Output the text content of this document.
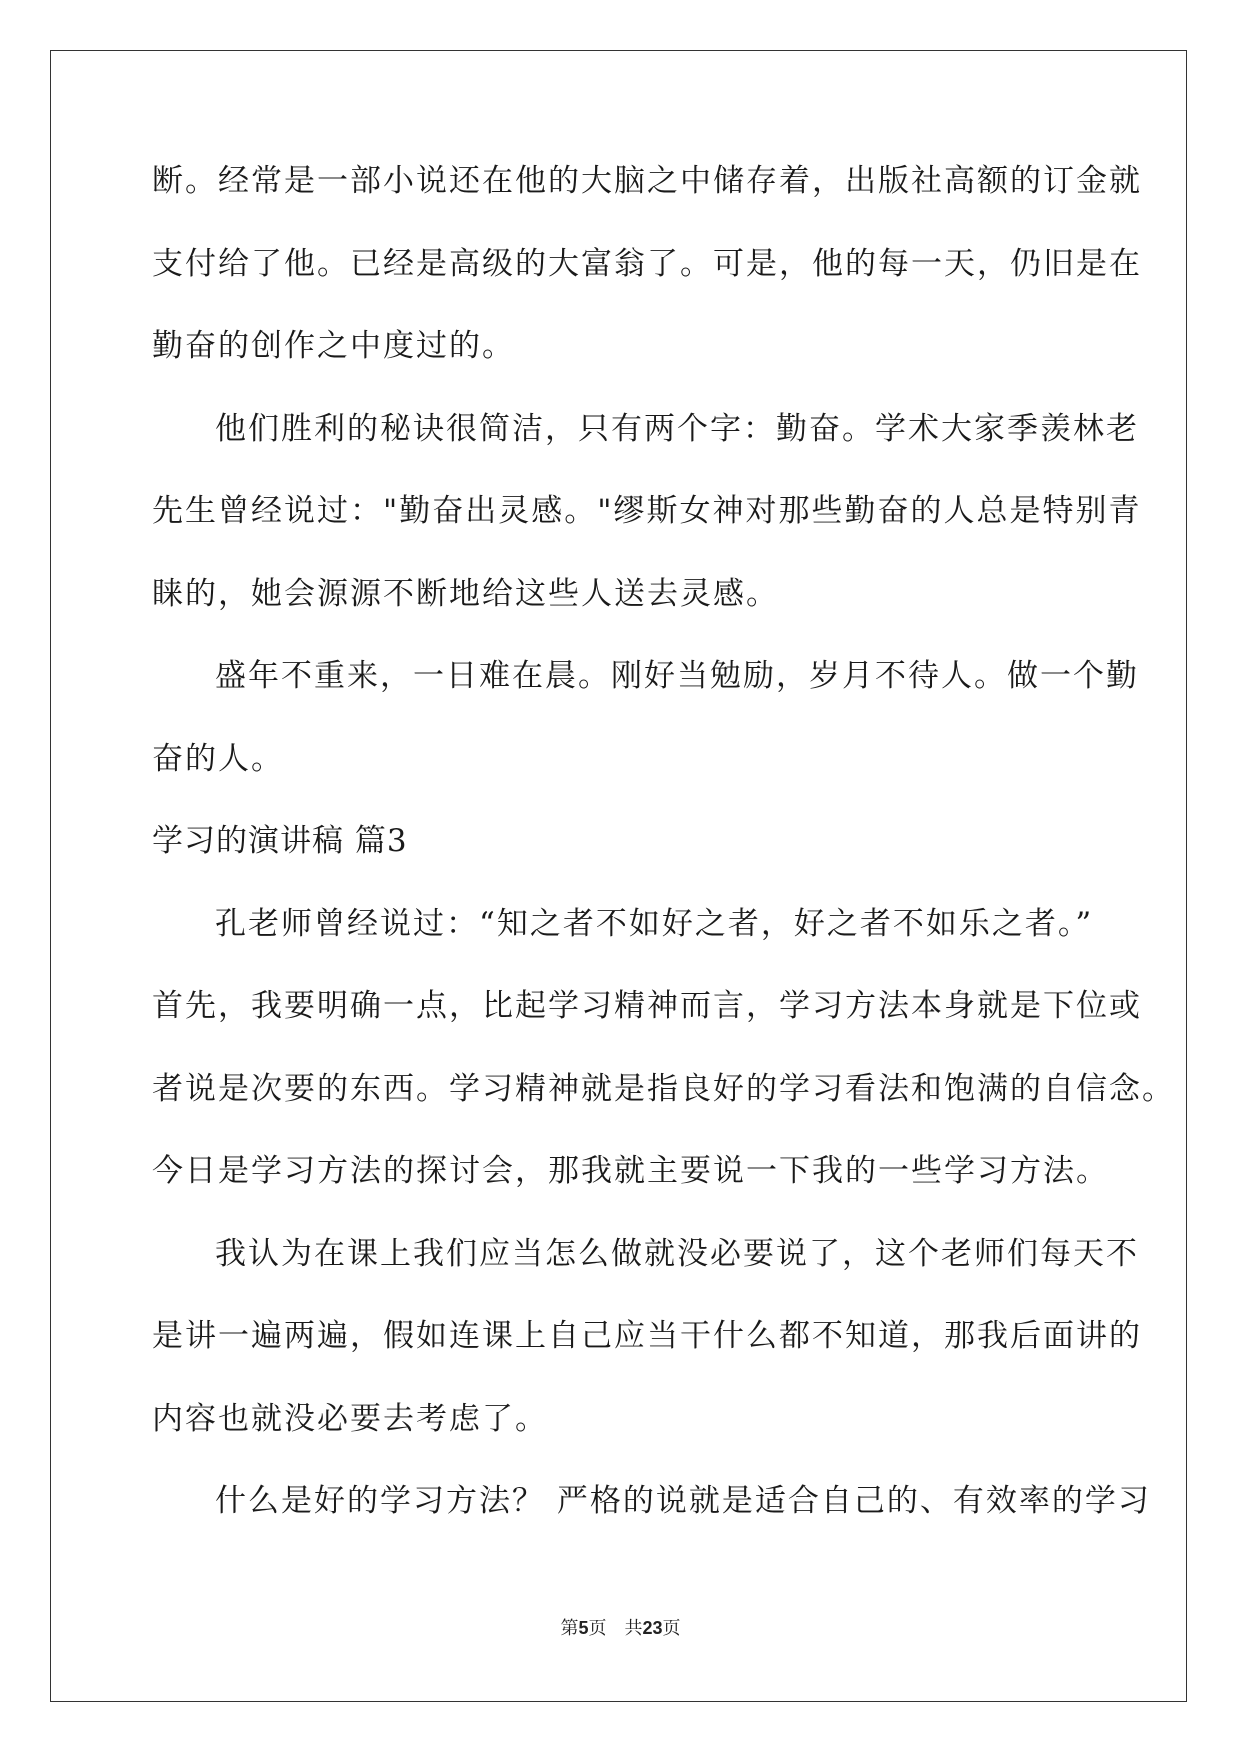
断。经常是一部小说还在他的大脑之中储存着，出版社高额的订金就
支付给了他。已经是高级的大富翁了。可是，他的每一天，仍旧是在
勤奋的创作之中度过的。
他们胜利的秘诀很简洁，只有两个字：勤奋。学术大家季羡林老
先生曾经说过："勤奋出灵感。"缪斯女神对那些勤奋的人总是特别青
睐的，她会源源不断地给这些人送去灵感。
盛年不重来，一日难在晨。刚好当勉励，岁月不待人。做一个勤
奋的人。
学习的演讲稿 篇3
孔老师曾经说过：“知之者不如好之者，好之者不如乐之者。”
首先，我要明确一点，比起学习精神而言，学习方法本身就是下位或
者说是次要的东西。学习精神就是指良好的学习看法和饱满的自信念。
今日是学习方法的探讨会，那我就主要说一下我的一些学习方法。
我认为在课上我们应当怎么做就没必要说了，这个老师们每天不
是讲一遍两遍，假如连课上自己应当干什么都不知道，那我后面讲的
内容也就没必要去考虑了。
什么是好的学习方法？ 严格的说就是适合自己的、有效率的学习
第5页 共23页
